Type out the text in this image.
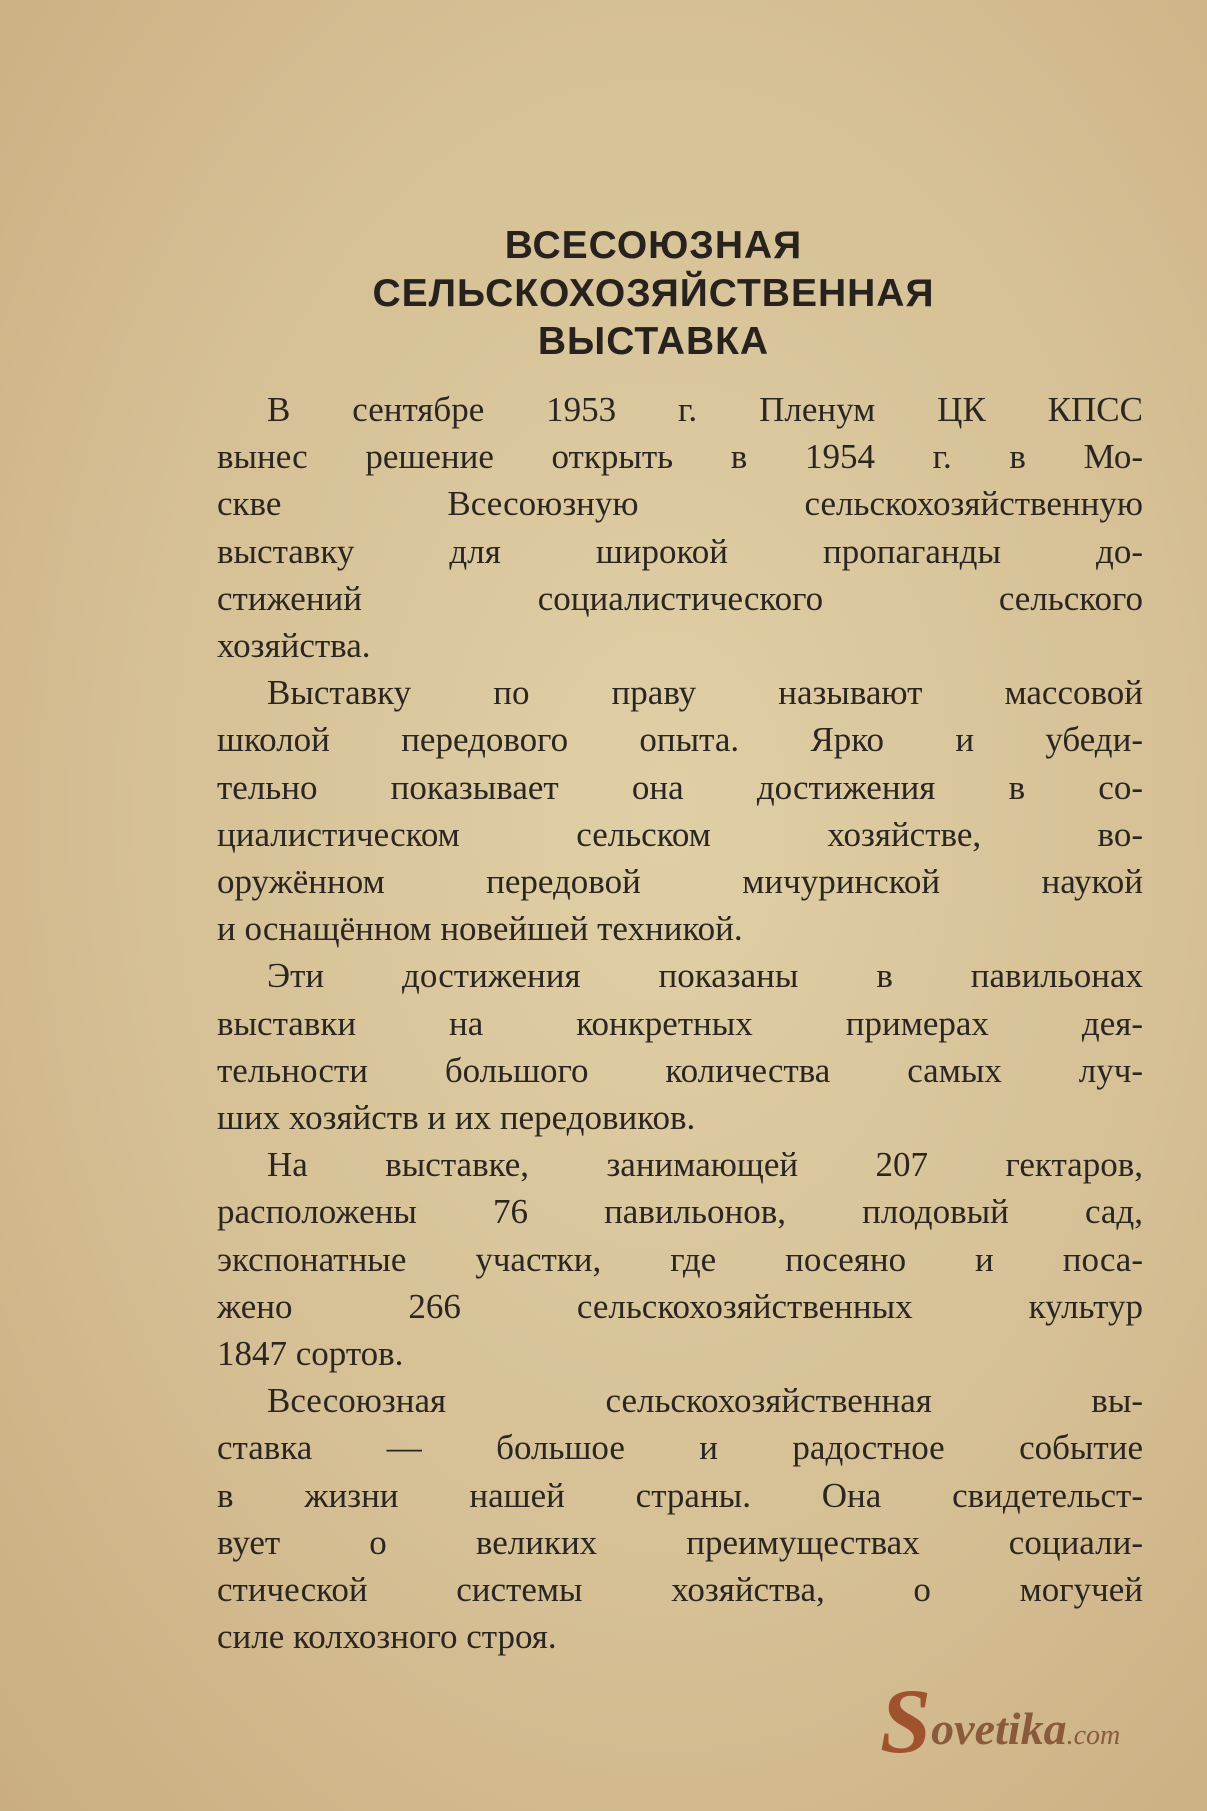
ВСЕСОЮЗНАЯ
СЕЛЬСКОХОЗЯЙСТВЕННАЯ
ВЫСТАВКА
В сентябре 1953 г. Пленум ЦК КПСС
вынес решение открыть в 1954 г. в Мо-
скве Всесоюзную сельскохозяйственную
выставку для широкой пропаганды до-
стижений социалистического сельского
хозяйства.
Выставку по праву называют массовой
школой передового опыта. Ярко и убеди-
тельно показывает она достижения в со-
циалистическом сельском хозяйстве, во-
оружённом передовой мичуринской наукой
и оснащённом новейшей техникой.
Эти достижения показаны в павильонах
выставки на конкретных примерах дея-
тельности большого количества самых луч-
ших хозяйств и их передовиков.
На выставке, занимающей 207 гектаров,
расположены 76 павильонов, плодовый сад,
экспонатные участки, где посеяно и поса-
жено 266 сельскохозяйственных культур
1847 сортов.
Всесоюзная сельскохозяйственная вы-
ставка — большое и радостное событие
в жизни нашей страны. Она свидетельст-
вует о великих преимуществах социали-
стической системы хозяйства, о могучей
силе колхозного строя.
Sovetika.com
